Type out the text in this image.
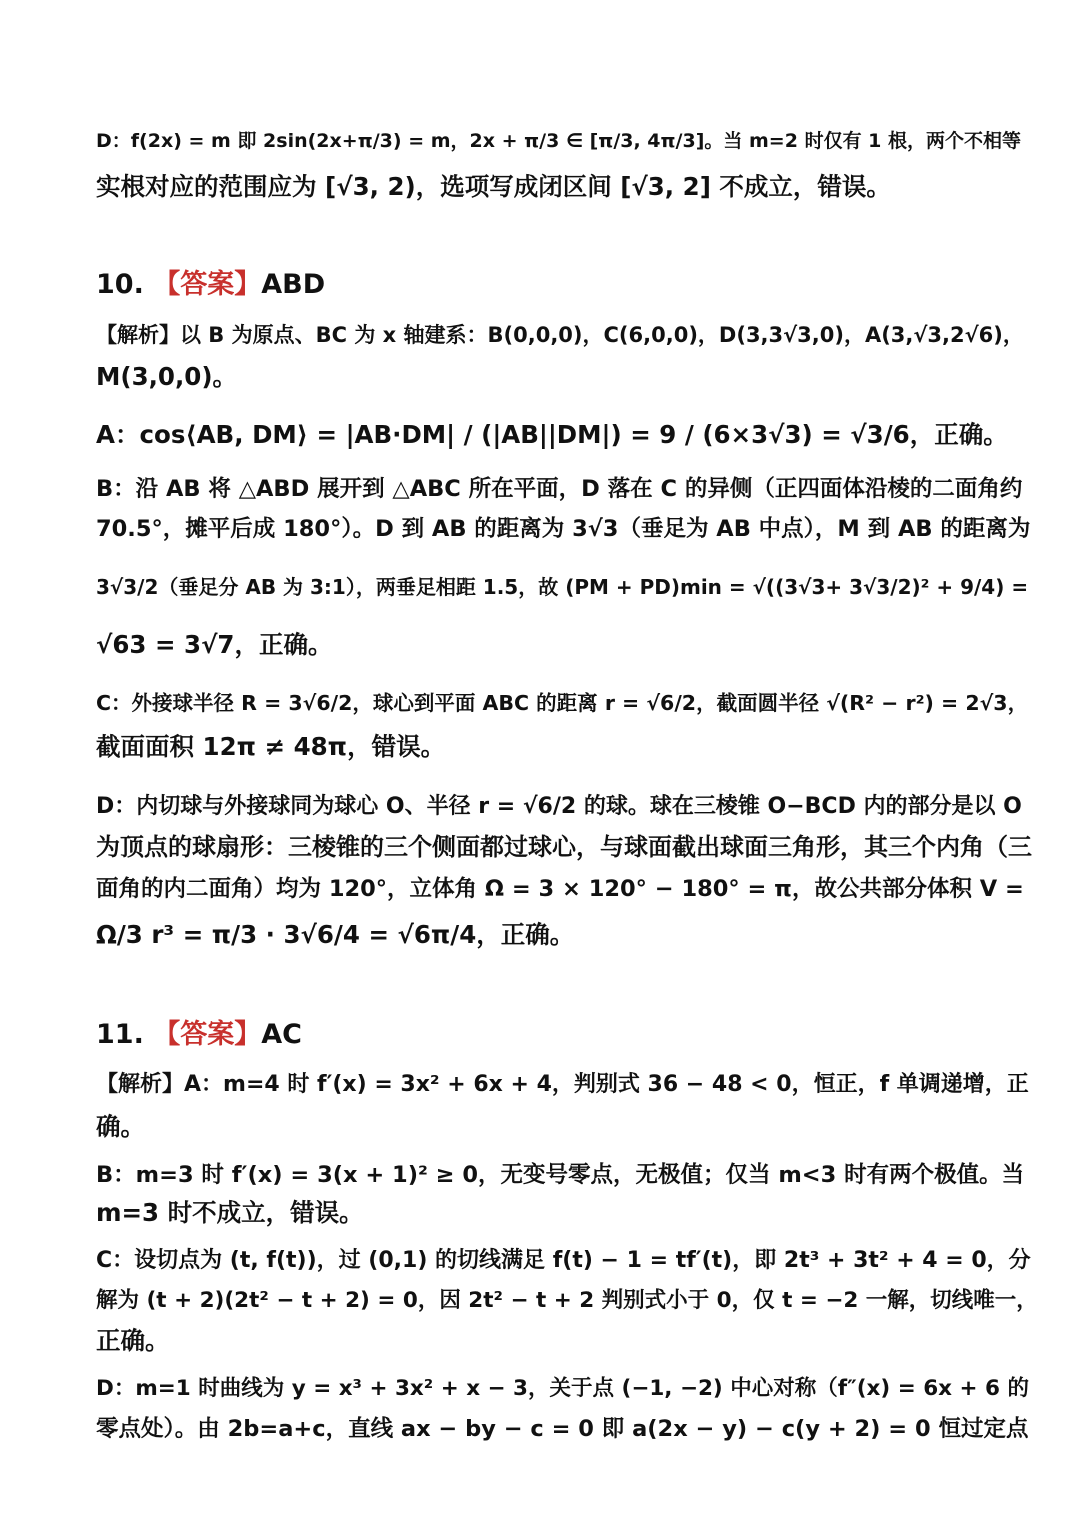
D：f(2x) = m 即 2sin(2x+π/3) = m，2x + π/3 ∈ [π/3, 4π/3]。当 m=2 时仅有 1 根，两个不相等
实根对应的范围应为 [√3, 2)，选项写成闭区间 [√3, 2] 不成立，错误。
10. 【答案】ABD
【解析】以 B 为原点、BC 为 x 轴建系：B(0,0,0)，C(6,0,0)，D(3,3√3,0)，A(3,√3,2√6)，
M(3,0,0)。
A：cos⟨AB, DM⟩ = |AB·DM| / (|AB||DM|) = 9 / (6×3√3) = √3/6，正确。
B：沿 AB 将 △ABD 展开到 △ABC 所在平面，D 落在 C 的异侧（正四面体沿棱的二面角约
70.5°，摊平后成 180°）。D 到 AB 的距离为 3√3（垂足为 AB 中点），M 到 AB 的距离为
3√3/2（垂足分 AB 为 3:1），两垂足相距 1.5，故 (PM + PD)min = √((3√3+ 3√3/2)² + 9/4) =
√63 = 3√7，正确。
C：外接球半径 R = 3√6/2，球心到平面 ABC 的距离 r = √6/2，截面圆半径 √(R² − r²) = 2√3，
截面面积 12π ≠ 48π，错误。
D：内切球与外接球同为球心 O、半径 r = √6/2 的球。球在三棱锥 O−BCD 内的部分是以 O
为顶点的球扇形：三棱锥的三个侧面都过球心，与球面截出球面三角形，其三个内角（三
面角的内二面角）均为 120°，立体角 Ω = 3 × 120° − 180° = π，故公共部分体积 V =
Ω/3 r³ = π/3 · 3√6/4 = √6π/4，正确。
11. 【答案】AC
【解析】A：m=4 时 f′(x) = 3x² + 6x + 4，判别式 36 − 48 < 0，恒正，f 单调递增，正
确。
B：m=3 时 f′(x) = 3(x + 1)² ≥ 0，无变号零点，无极值；仅当 m<3 时有两个极值。当
m=3 时不成立，错误。
C：设切点为 (t, f(t))，过 (0,1) 的切线满足 f(t) − 1 = tf′(t)，即 2t³ + 3t² + 4 = 0，分
解为 (t + 2)(2t² − t + 2) = 0，因 2t² − t + 2 判别式小于 0，仅 t = −2 一解，切线唯一，
正确。
D：m=1 时曲线为 y = x³ + 3x² + x − 3，关于点 (−1, −2) 中心对称（f″(x) = 6x + 6 的
零点处）。由 2b=a+c，直线 ax − by − c = 0 即 a(2x − y) − c(y + 2) = 0 恒过定点
